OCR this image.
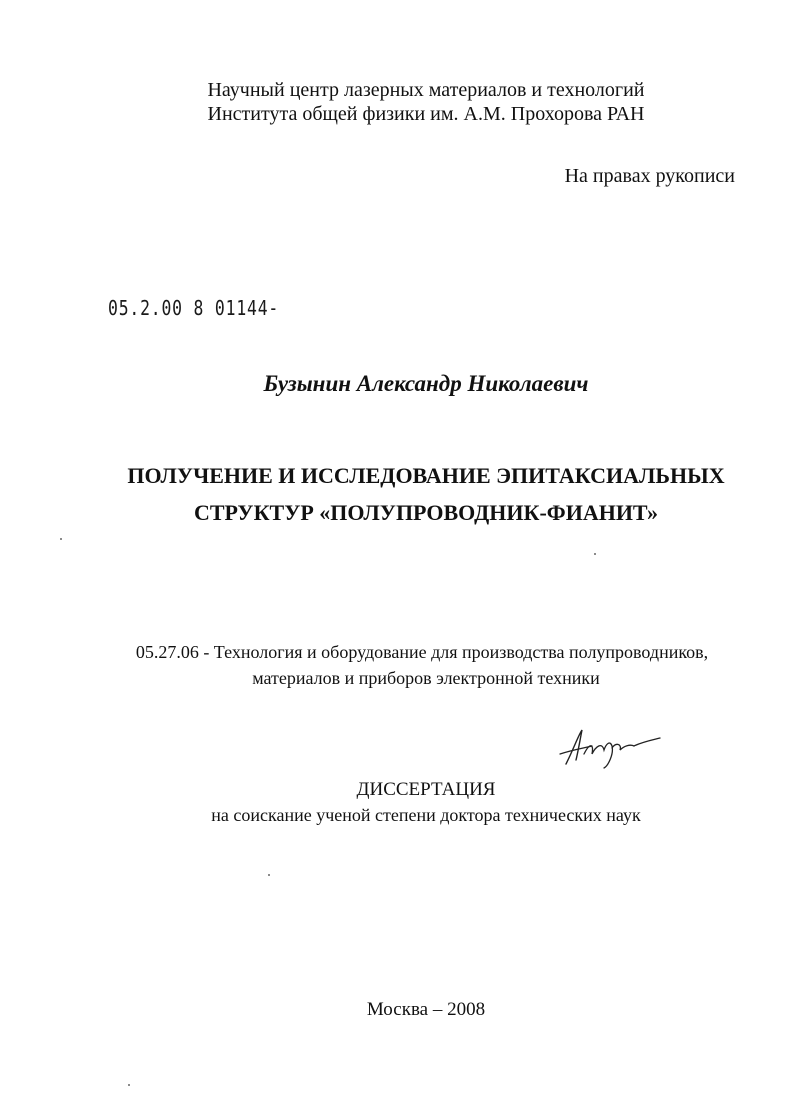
Научный центр лазерных материалов и технологий
Института общей физики им. А.М. Прохорова РАН
На правах рукописи
05.2.00 8 01144-
Бузынин Александр Николаевич
ПОЛУЧЕНИЕ И ИССЛЕДОВАНИЕ ЭПИТАКСИАЛЬНЫХ
СТРУКТУР «ПОЛУПРОВОДНИК-ФИАНИТ»
05.27.06 - Технология и оборудование для производства полупроводников,
материалов и приборов электронной техники
ДИССЕРТАЦИЯ
на соискание ученой степени доктора технических наук
Москва – 2008
